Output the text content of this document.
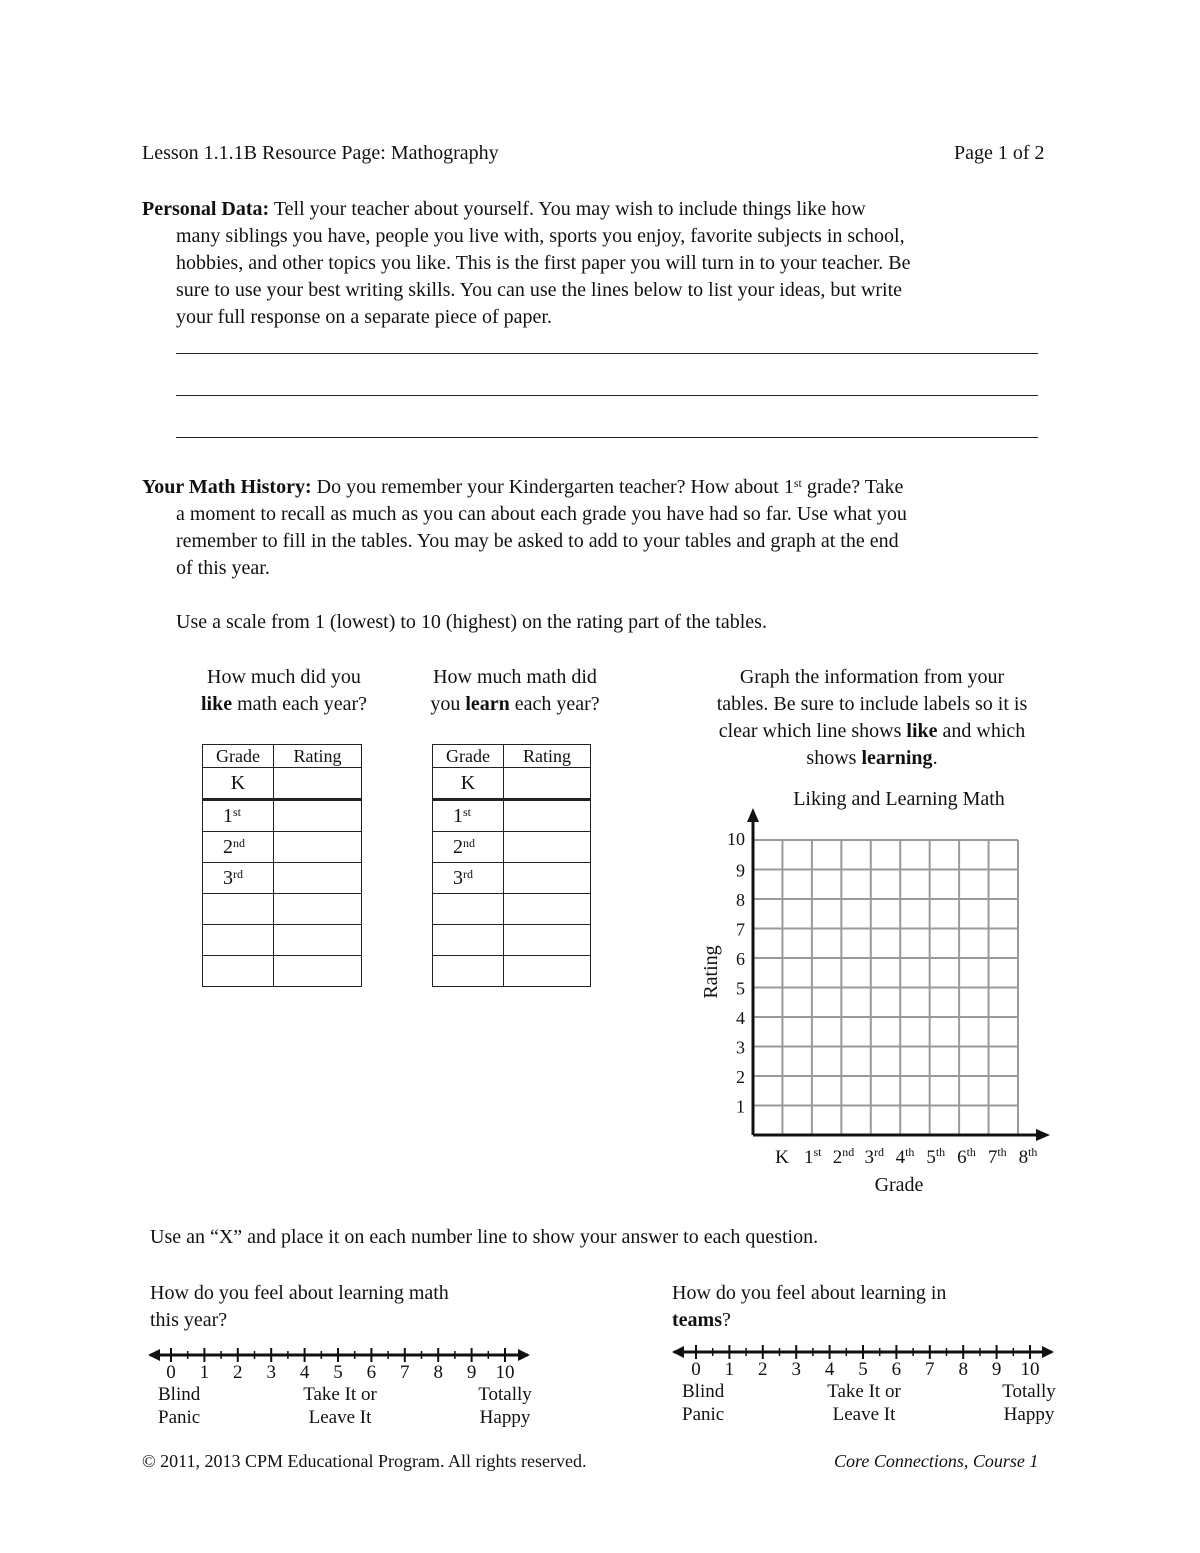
Lesson 1.1.1B Resource Page: Mathography	Page 1 of 2
Personal Data: Tell your teacher about yourself. You may wish to include things like how
many siblings you have, people you live with, sports you enjoy, favorite subjects in school,
hobbies, and other topics you like. This is the first paper you will turn in to your teacher. Be
sure to use your best writing skills. You can use the lines below to list your ideas, but write
your full response on a separate piece of paper.
Your Math History: Do you remember your Kindergarten teacher? How about 1st grade? Take
a moment to recall as much as you can about each grade you have had so far. Use what you
remember to fill in the tables. You may be asked to add to your tables and graph at the end
of this year.
Use a scale from 1 (lowest) to 10 (highest) on the rating part of the tables.
How much did you
like math each year?
How much math did
you learn each year?
Grade	Rating
K	
1st	
2nd	
3rd	

Grade	Rating
K	
1st	
2nd	
3rd	

Graph the information from your
tables. Be sure to include labels so it is
clear which line shows like and which
shows learning.
Liking and Learning Math
1
2
3
4
5
6
7
8
9
10
Rating
K 1st 2nd 3rd 4th 5th 6th 7th 8th
Grade
0 1 2 3 4 5 6 7 8 9 10	0 1 2 3 4 5 6 7 8 9 10
Use an “X” and place it on each number line to show your answer to each question.
How do you feel about learning math
this year?
How do you feel about learning in
teams?
Blind
Panic
Take It or
Leave It
Totally
Happy
Blind
Panic
Take It or
Leave It
Totally
Happy
© 2011, 2013 CPM Educational Program. All rights reserved.	Core Connections, Course 1
